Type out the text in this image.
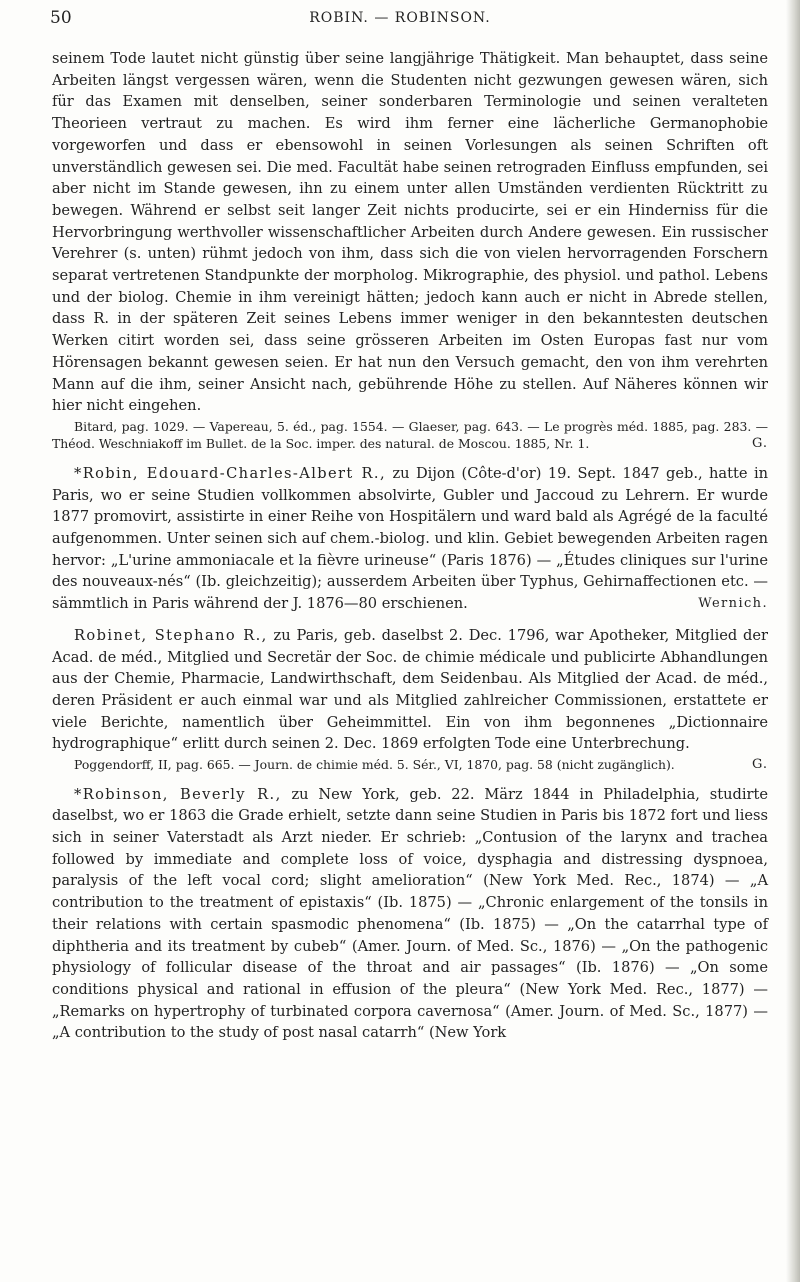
50	ROBIN. — ROBINSON.

seinem Tode lautet nicht günstig über seine langjährige Thätigkeit. Man behauptet, dass seine Arbeiten längst vergessen wären, wenn die Studenten nicht gezwungen gewesen wären, sich für das Examen mit denselben, seiner sonderbaren Terminologie und seinen veralteten Theorieen vertraut zu machen. Es wird ihm ferner eine lächerliche Germanophobie vorgeworfen und dass er ebensowohl in seinen Vorlesungen als seinen Schriften oft unverständlich gewesen sei. Die med. Facultät habe seinen retrograden Einfluss empfunden, sei aber nicht im Stande gewesen, ihn zu einem unter allen Umständen verdienten Rücktritt zu bewegen. Während er selbst seit langer Zeit nichts producirte, sei er ein Hinderniss für die Hervorbringung werthvoller wissenschaftlicher Arbeiten durch Andere gewesen. Ein russischer Verehrer (s. unten) rühmt jedoch von ihm, dass sich die von vielen hervorragenden Forschern separat vertretenen Standpunkte der morpholog. Mikrographie, des physiol. und pathol. Lebens und der biolog. Chemie in ihm vereinigt hätten; jedoch kann auch er nicht in Abrede stellen, dass R. in der späteren Zeit seines Lebens immer weniger in den bekanntesten deutschen Werken citirt worden sei, dass seine grösseren Arbeiten im Osten Europas fast nur vom Hörensagen bekannt gewesen seien. Er hat nun den Versuch gemacht, den von ihm verehrten Mann auf die ihm, seiner Ansicht nach, gebührende Höhe zu stellen. Auf Näheres können wir hier nicht eingehen.

Bitard, pag. 1029. — Vapereau, 5. éd., pag. 1554. — Glaeser, pag. 643. — Le progrès méd. 1885, pag. 283. — Théod. Weschniakoff im Bullet. de la Soc. imper. des natural. de Moscou. 1885, Nr. 1.	G.

*Robin, Edouard-Charles-Albert R., zu Dijon (Côte-d'or) 19. Sept. 1847 geb., hatte in Paris, wo er seine Studien vollkommen absolvirte, Gubler und Jaccoud zu Lehrern. Er wurde 1877 promovirt, assistirte in einer Reihe von Hospitälern und ward bald als Agrégé de la faculté aufgenommen. Unter seinen sich auf chem.-biolog. und klin. Gebiet bewegenden Arbeiten ragen hervor: „L'urine ammoniacale et la fièvre urineuse“ (Paris 1876) — „Études cliniques sur l'urine des nouveaux-nés“ (Ib. gleichzeitig); ausserdem Arbeiten über Typhus, Gehirnaffectionen etc. — sämmtlich in Paris während der J. 1876—80 erschienen.	Wernich.

Robinet, Stephano R., zu Paris, geb. daselbst 2. Dec. 1796, war Apotheker, Mitglied der Acad. de méd., Mitglied und Secretär der Soc. de chimie médicale und publicirte Abhandlungen aus der Chemie, Pharmacie, Landwirthschaft, dem Seidenbau. Als Mitglied der Acad. de méd., deren Präsident er auch einmal war und als Mitglied zahlreicher Commissionen, erstattete er viele Berichte, namentlich über Geheimmittel. Ein von ihm begonnenes „Dictionnaire hydrographique“ erlitt durch seinen 2. Dec. 1869 erfolgten Tode eine Unterbrechung.

Poggendorff, II, pag. 665. — Journ. de chimie méd. 5. Sér., VI, 1870, pag. 58 (nicht zugänglich).	G.

*Robinson, Beverly R., zu New York, geb. 22. März 1844 in Philadelphia, studirte daselbst, wo er 1863 die Grade erhielt, setzte dann seine Studien in Paris bis 1872 fort und liess sich in seiner Vaterstadt als Arzt nieder. Er schrieb: „Contusion of the larynx and trachea followed by immediate and complete loss of voice, dysphagia and distressing dyspnoea, paralysis of the left vocal cord; slight amelioration“ (New York Med. Rec., 1874) — „A contribution to the treatment of epistaxis“ (Ib. 1875) — „Chronic enlargement of the tonsils in their relations with certain spasmodic phenomena“ (Ib. 1875) — „On the catarrhal type of diphtheria and its treatment by cubeb“ (Amer. Journ. of Med. Sc., 1876) — „On the pathogenic physiology of follicular disease of the throat and air passages“ (Ib. 1876) — „On some conditions physical and rational in effusion of the pleura“ (New York Med. Rec., 1877) — „Remarks on hypertrophy of turbinated corpora cavernosa“ (Amer. Journ. of Med. Sc., 1877) — „A contribution to the study of post nasal catarrh“ (New York
